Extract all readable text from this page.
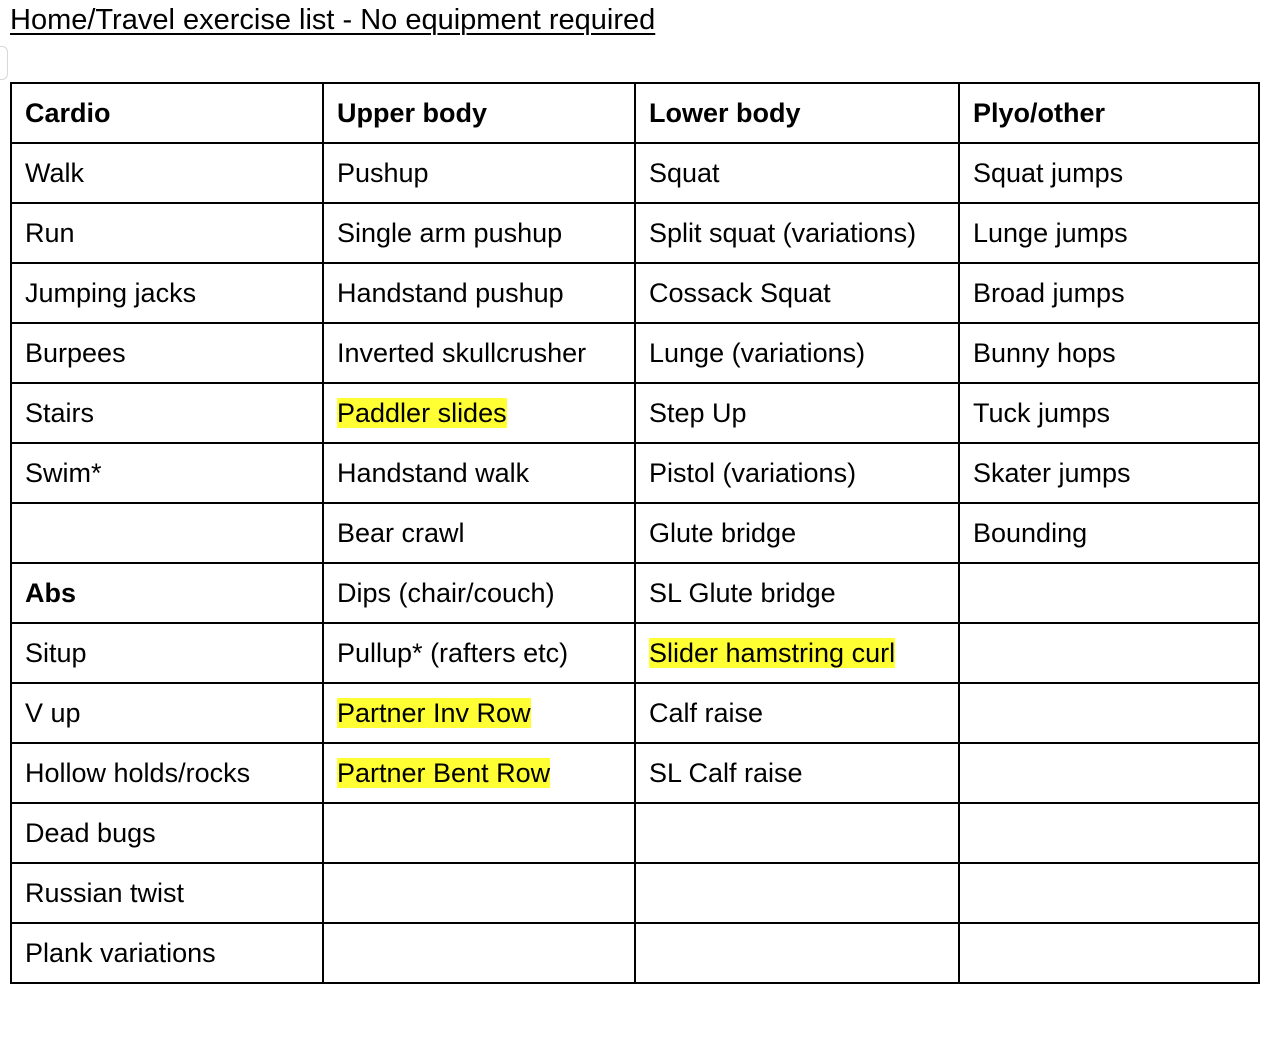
Home/Travel exercise list - No equipment required
Cardio	Upper body	Lower body	Plyo/other
Walk	Pushup	Squat	Squat jumps
Run	Single arm pushup	Split squat (variations)	Lunge jumps
Jumping jacks	Handstand pushup	Cossack Squat	Broad jumps
Burpees	Inverted skullcrusher	Lunge (variations)	Bunny hops
Stairs	Paddler slides	Step Up	Tuck jumps
Swim*	Handstand walk	Pistol (variations)	Skater jumps
	Bear crawl	Glute bridge	Bounding
Abs	Dips (chair/couch)	SL Glute bridge	
Situp	Pullup* (rafters etc)	Slider hamstring curl	
V up	Partner Inv Row	Calf raise	
Hollow holds/rocks	Partner Bent Row	SL Calf raise	
Dead bugs			
Russian twist			
Plank variations			
